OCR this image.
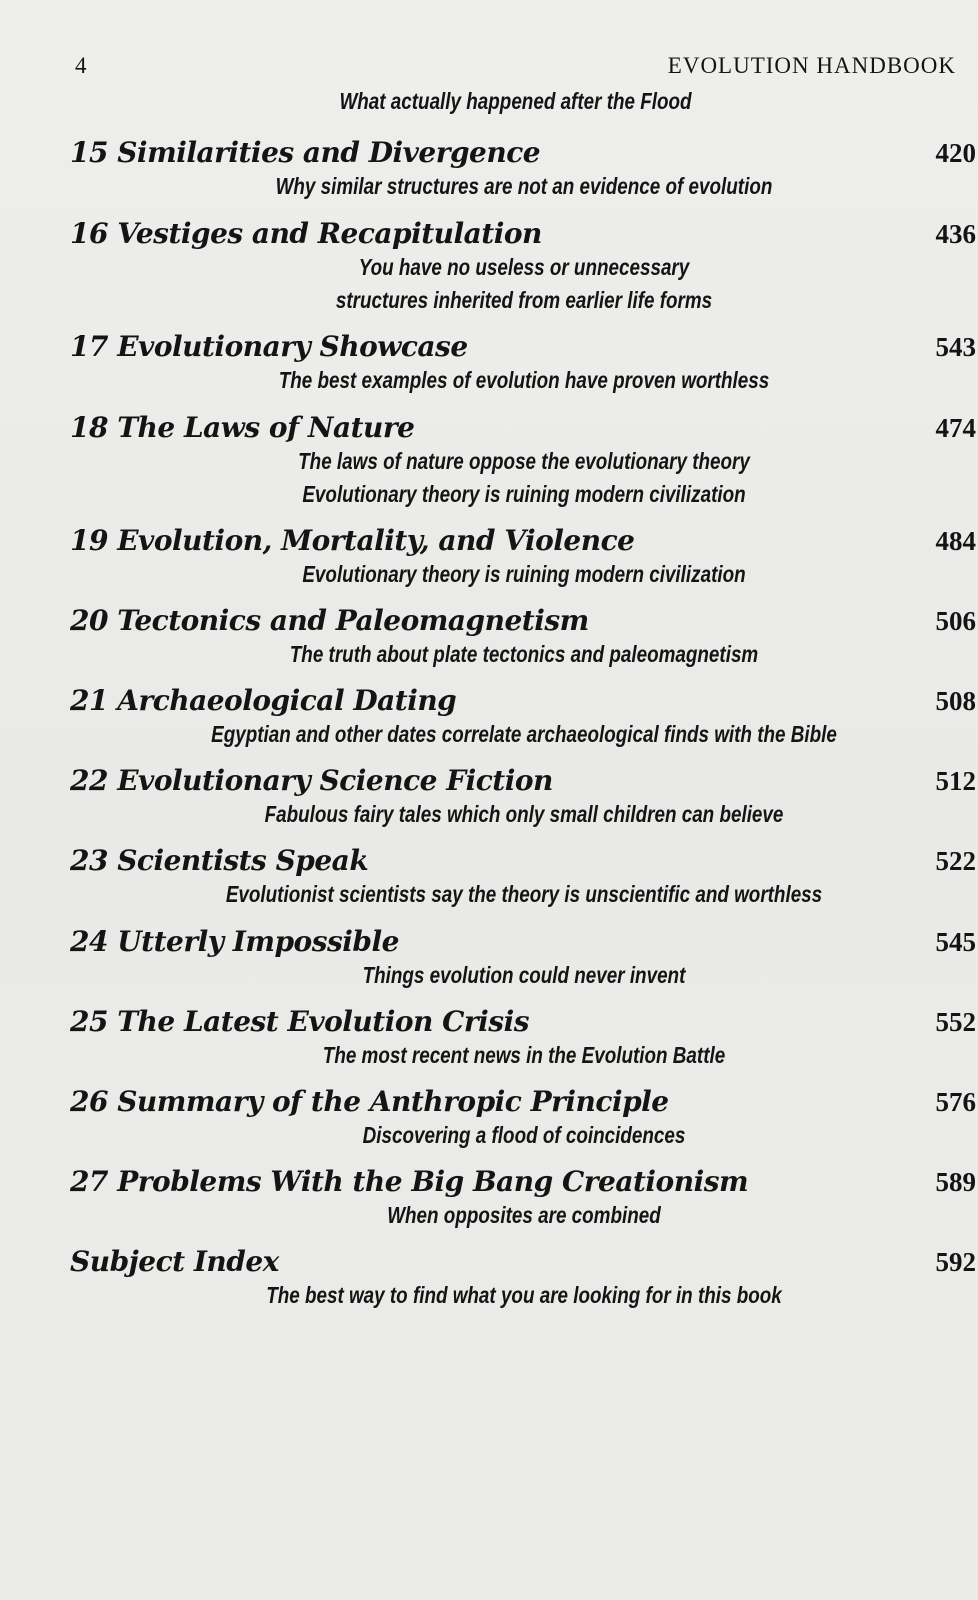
4	EVOLUTION HANDBOOK
What actually happened after the Flood
15 Similarities and Divergence	420
Why similar structures are not an evidence of evolution
16 Vestiges and Recapitulation	436
You have no useless or unnecessary
structures inherited from earlier life forms
17 Evolutionary Showcase	543
The best examples of evolution have proven worthless
18 The Laws of Nature	474
The laws of nature oppose the evolutionary theory
Evolutionary theory is ruining modern civilization
19 Evolution, Mortality, and Violence	484
Evolutionary theory is ruining modern civilization
20 Tectonics and Paleomagnetism	506
The truth about plate tectonics and paleomagnetism
21 Archaeological Dating	508
Egyptian and other dates correlate archaeological finds with the Bible
22 Evolutionary Science Fiction	512
Fabulous fairy tales which only small children can believe
23 Scientists Speak	522
Evolutionist scientists say the theory is unscientific and worthless
24 Utterly Impossible	545
Things evolution could never invent
25 The Latest Evolution Crisis	552
The most recent news in the Evolution Battle
26 Summary of the Anthropic Principle	576
Discovering a flood of coincidences
27 Problems With the Big Bang Creationism	589
When opposites are combined
Subject Index	592
The best way to find what you are looking for in this book
